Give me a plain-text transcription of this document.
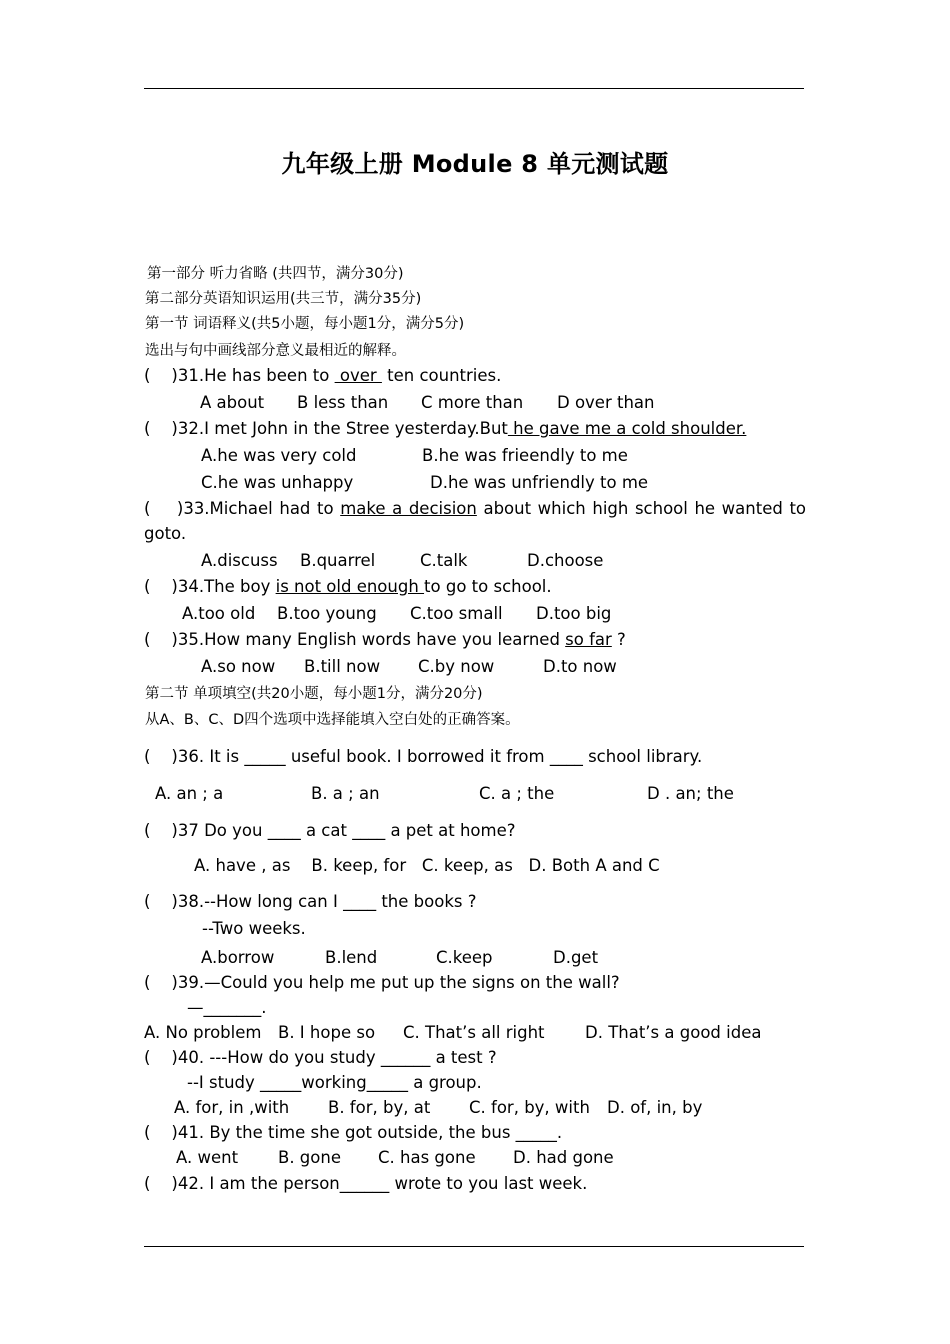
九年级上册 Module 8 单元测试题
第一部分 听力省略 (共四节，满分30分)
第二部分英语知识运用(共三节，满分35分)
第一节 词语释义(共5小题，每小题1分，满分5分)
选出与句中画线部分意义最相近的解释。
(    )31.He has been to  over  ten countries.
A about B less than C more than D over than
(    )32.I met John in the Stree yesterday.But he gave me a cold shoulder.
A.he was very cold	B.he was frieendly to me
C.he was unhappy	D.he was unfriendly to me
(    )33.Michael had to make a decision about which high school he wanted to
goto.
A.discuss B.quarrel	C.talk	D.choose
(    )34.The boy is not old enough to go to school.
A.too old B.too young C.too small D.too big
(    )35.How many English words have you learned so far ?
A.so now B.till now C.by now	D.to now
第二节 单项填空(共20小题，每小题1分，满分20分)
从A、B、C、D四个选项中选择能填入空白处的正确答案。
(    )36. It is _____ useful book. I borrowed it from ____ school library.
A. an ; a	B. a ; an	C. a ; the	D . an; the
(    )37 Do you ____ a cat ____ a pet at home?
A. have , as    B. keep, for   C. keep, as   D. Both A and C
(    )38.--How long can I ____ the books ?
--Two weeks.
A.borrow	B.lend	C.keep	D.get
(    )39.—Could you help me put up the signs on the wall?
—_______.
A. No problem B. I hope so C. That’s all right D. That’s a good idea
(    )40. ---How do you study ______ a test ?
--I study _____working_____ a group.
A. for, in ,with B. for, by, at C. for, by, with D. of, in, by
(    )41. By the time she got outside, the bus _____.
A. went B. gone C. has gone D. had gone
(    )42. I am the person______ wrote to you last week.
